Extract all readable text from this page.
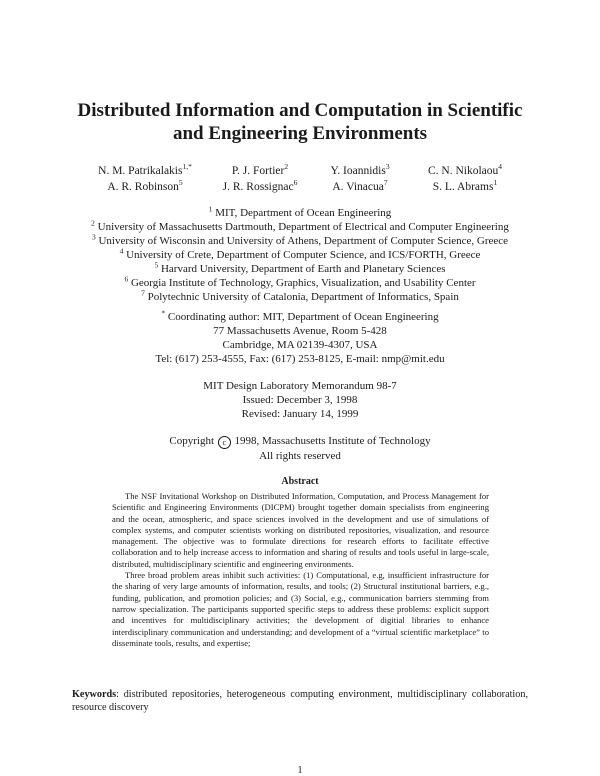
Distributed Information and Computation in Scientific
and Engineering Environments
N. M. Patrikalakis$^{1,*}$	P. J. Fortier$^2$	Y. Ioannidis$^3$	C. N. Nikolaou$^4$
A. R. Robinson$^5$	J. R. Rossignac$^6$	A. Vinacua$^7$	S. L. Abrams$^1$
$^1$ MIT, Department of Ocean Engineering
$^2$ University of Massachusetts Dartmouth, Department of Electrical and Computer Engineering
$^3$ University of Wisconsin and University of Athens, Department of Computer Science, Greece
$^4$ University of Crete, Department of Computer Science, and ICS/FORTH, Greece
$^5$ Harvard University, Department of Earth and Planetary Sciences
$^6$ Georgia Institute of Technology, Graphics, Visualization, and Usability Center
$^7$ Polytechnic University of Catalonia, Department of Informatics, Spain
* Coordinating author: MIT, Department of Ocean Engineering
77 Massachusetts Avenue, Room 5-428
Cambridge, MA 02139-4307, USA
Tel: (617) 253-4555, Fax: (617) 253-8125, E-mail: nmp@mit.edu
MIT Design Laboratory Memorandum 98-7
Issued: December 3, 1998
Revised: January 14, 1999
Copyright c 1998, Massachusetts Institute of Technology
All rights reserved
Abstract

The NSF Invitational Workshop on Distributed Information, Computation, and Process Management for Scientific and Engineering Environments (DICPM) brought together domain specialists from engineering and the ocean, atmospheric, and space sciences involved in the development and use of simulations of complex systems, and computer scientists working on distributed repositories, visualization, and resource management. The objective was to formulate directions for research efforts to facilitate effective collaboration and to help increase access to information and sharing of results and tools useful in large-scale, distributed, multidisciplinary scientific and engineering environments.

Three broad problem areas inhibit such activities: (1) Computational, e.g, insufficient infrastructure for the sharing of very large amounts of information, results, and tools; (2) Structural institutional barriers, e.g., funding, publication, and promotion policies; and (3) Social, e.g., communication barriers stemming from narrow specialization. The participants supported specific steps to address these problems: explicit support and incentives for multidisciplinary activities; the development of digitial libraries to enhance interdisciplinary communication and understanding; and development of a “virtual scientific marketplace” to disseminate tools, results, and expertise;

Keywords: distributed repositories, heterogeneous computing environment, multidisciplinary collaboration, resource discovery
1
